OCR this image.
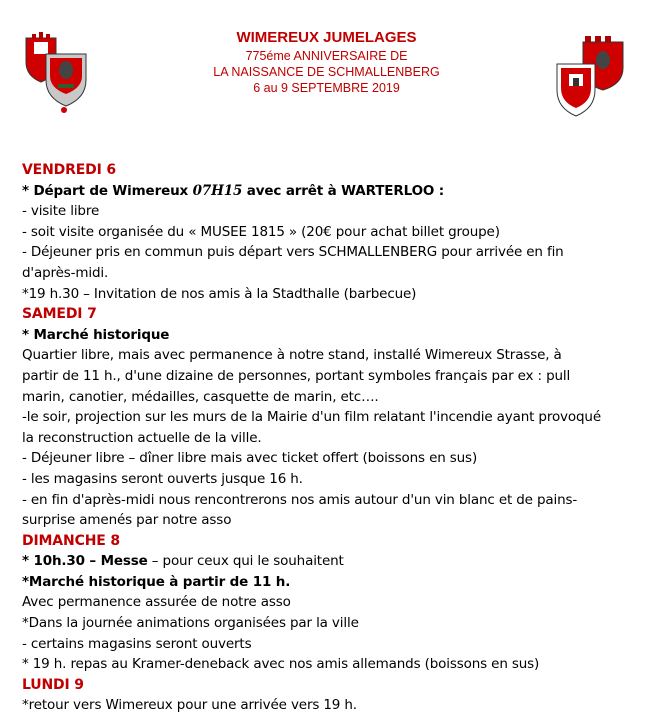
WIMEREUX JUMELAGES
775éme ANNIVERSAIRE DE
LA NAISSANCE DE SCHMALLENBERG
6 au 9 SEPTEMBRE 2019
VENDREDI 6
* Départ de Wimereux 07H15 avec arrêt à WARTERLOO :
- visite libre
- soit visite organisée du « MUSEE 1815 » (20€ pour achat billet groupe)
- Déjeuner pris en commun puis départ vers SCHMALLENBERG pour arrivée en fin
d'après-midi.
*19 h.30 – Invitation de nos amis à la Stadthalle (barbecue)
SAMEDI 7
* Marché historique
Quartier libre, mais avec permanence à notre stand, installé Wimereux Strasse, à
partir de 11 h., d'une dizaine de personnes, portant symboles français par ex : pull
marin, canotier, médailles, casquette de marin, etc….
-le soir, projection sur les murs de la Mairie d'un film relatant l'incendie ayant provoqué
la reconstruction actuelle de la ville.
- Déjeuner libre – dîner libre mais avec ticket offert (boissons en sus)
- les magasins seront ouverts jusque 16 h.
- en fin d'après-midi nous rencontrerons nos amis autour d'un vin blanc et de pains-
surprise amenés par notre asso
DIMANCHE 8
* 10h.30 – Messe – pour ceux qui le souhaitent
*Marché historique à partir de 11 h.
Avec permanence assurée de notre asso
*Dans la journée animations organisées par la ville
- certains magasins seront ouverts
* 19 h. repas au Kramer-deneback avec nos amis allemands (boissons en sus)
LUNDI 9
*retour vers Wimereux pour une arrivée vers 19 h.
